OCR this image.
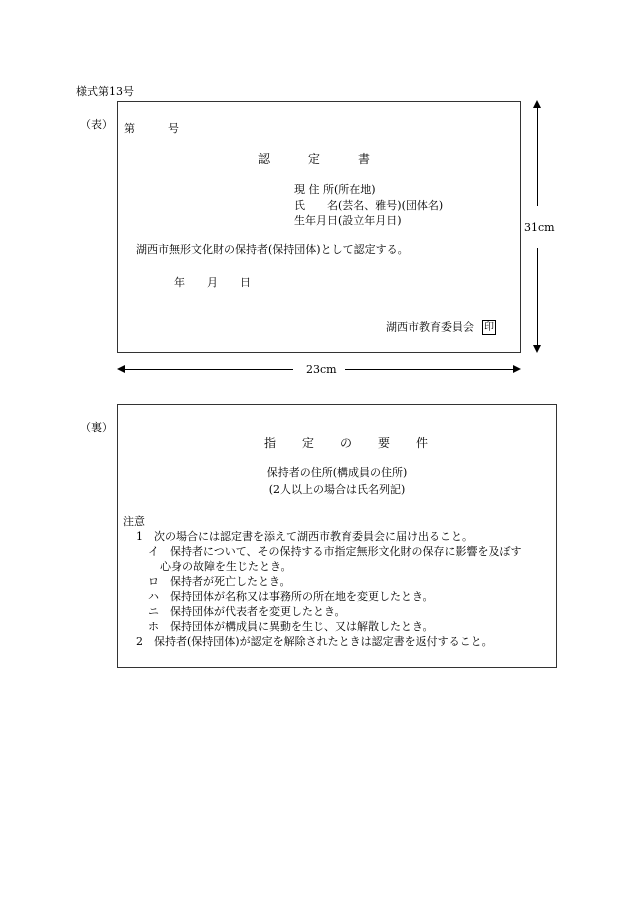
様式第13号
（表） 第　　　号
認定書
現 住 所(所在地)
氏　　名(芸名、雅号)(団体名)
生年月日(設立年月日)
湖西市無形文化財の保持者(保持団体)として認定する。
年　　月　　日
湖西市教育委員会 印
31cm
23cm
（裏）
指定の要件
保持者の住所(構成員の住所)
(2人以上の場合は氏名列記)
注意
1　次の場合には認定書を添えて湖西市教育委員会に届け出ること。
イ　保持者について、その保持する市指定無形文化財の保存に影響を及ぼす
心身の故障を生じたとき。
ロ　保持者が死亡したとき。
ハ　保持団体が名称又は事務所の所在地を変更したとき。
ニ　保持団体が代表者を変更したとき。
ホ　保持団体が構成員に異動を生じ、又は解散したとき。
2　保持者(保持団体)が認定を解除されたときは認定書を返付すること。
